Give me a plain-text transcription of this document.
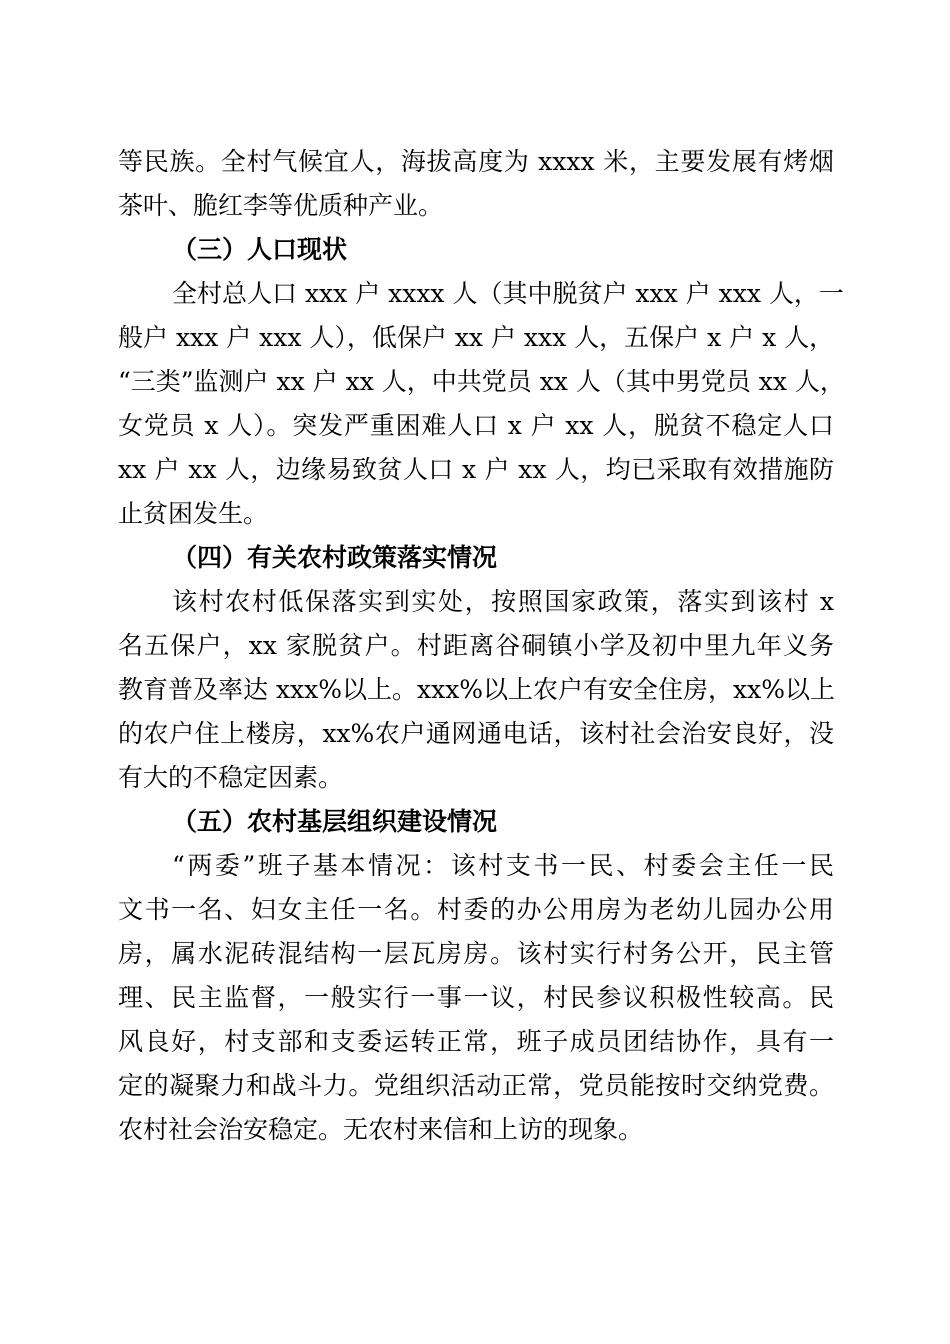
等民族。全村气候宜人，海拔高度为 xxxx 米，主要发展有烤烟
茶叶、脆红李等优质种产业。
（三）人口现状
全村总人口 xxx 户 xxxx 人（其中脱贫户 xxx 户 xxx 人，一
般户 xxx 户 xxx 人），低保户 xx 户 xxx 人，五保户 x 户 x 人，
“三类”监测户 xx 户 xx 人，中共党员 xx 人（其中男党员 xx 人，
女党员 x 人）。突发严重困难人口 x 户 xx 人，脱贫不稳定人口
xx 户 xx 人，边缘易致贫人口 x 户 xx 人，均已采取有效措施防
止贫困发生。
（四）有关农村政策落实情况
该村农村低保落实到实处，按照国家政策，落实到该村 x
名五保户，xx 家脱贫户。村距离谷硐镇小学及初中里九年义务
教育普及率达 xxx%以上。xxx%以上农户有安全住房，xx%以上
的农户住上楼房，xx%农户通网通电话，该村社会治安良好，没
有大的不稳定因素。
（五）农村基层组织建设情况
“两委”班子基本情况：该村支书一民、村委会主任一民
文书一名、妇女主任一名。村委的办公用房为老幼儿园办公用
房，属水泥砖混结构一层瓦房房。该村实行村务公开，民主管
理、民主监督，一般实行一事一议，村民参议积极性较高。民
风良好，村支部和支委运转正常，班子成员团结协作，具有一
定的凝聚力和战斗力。党组织活动正常，党员能按时交纳党费。
农村社会治安稳定。无农村来信和上访的现象。
